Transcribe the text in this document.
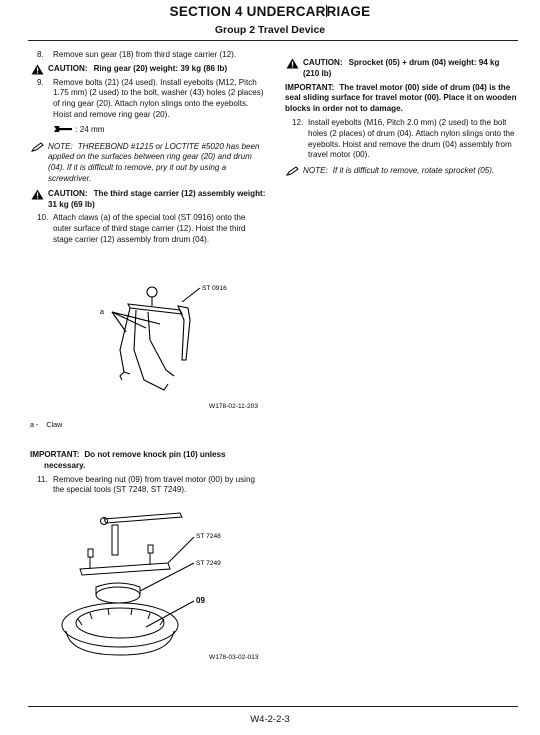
SECTION 4 UNDERCARRIAGE
Group 2 Travel Device
8. Remove sun gear (18) from third stage carrier (12).
CAUTION: Ring gear (20) weight: 39 kg (86 lb)
9. Remove bolts (21) (24 used). Install eyebolts (M12, Pitch 1.75 mm) (2 used) to the bolt, washer (43) holes (2 places) of ring gear (20). Attach nylon slings onto the eyebolts. Hoist and remove ring gear (20).
: 24 mm
NOTE: THREEBOND #1215 or LOCTITE #5020 has been applied on the surfaces between ring gear (20) and drum (04). If it is difficult to remove, pry it out by using a screwdriver.
CAUTION: The third stage carrier (12) assembly weight: 31 kg (69 lb)
10. Attach claws (a) of the special tool (ST 0916) onto the outer surface of third stage carrier (12). Hoist the third stage carrier (12) assembly from drum (04).
ST 0916
a
W178-02-11-203
a - Claw
IMPORTANT: Do not remove knock pin (10) unless
necessary.
11. Remove bearing nut (09) from travel motor (00) by using the special tools (ST 7248, ST 7249).
ST 7248
ST 7249
09
W178-03-02-013
CAUTION: Sprocket (05) + drum (04) weight: 94 kg (210 lb)
IMPORTANT: The travel motor (00) side of drum (04) is the seal sliding surface for travel motor (00). Place it on wooden blocks in order not to damage.
12. Install eyebolts (M16, Pitch 2.0 mm) (2 used) to the bolt holes (2 places) of drum (04). Attach nylon slings onto the eyebolts. Hoist and remove the drum (04) assembly from travel motor (00).
NOTE: If it is difficult to remove, rotate sprocket (05).
W4-2-2-3
